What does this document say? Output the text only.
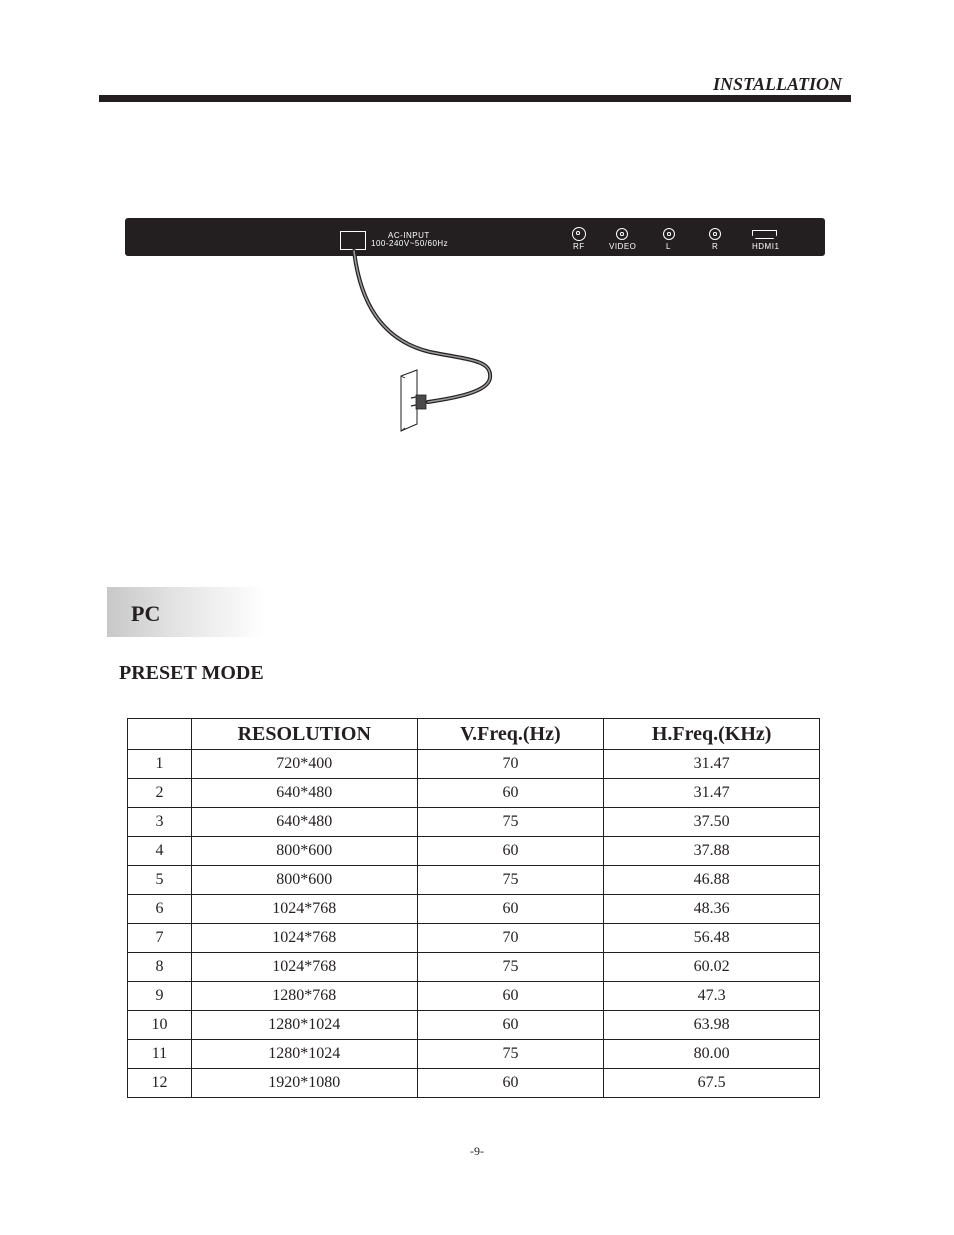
INSTALLATION
AC-INPUT
100-240V~50/60Hz	RF	VIDEO	L	R	HDMI1
PC
PRESET MODE
	RESOLUTION	V.Freq.(Hz)	H.Freq.(KHz)
1	720*400	70	31.47
2	640*480	60	31.47
3	640*480	75	37.50
4	800*600	60	37.88
5	800*600	75	46.88
6	1024*768	60	48.36
7	1024*768	70	56.48
8	1024*768	75	60.02
9	1280*768	60	47.3
10	1280*1024	60	63.98
11	1280*1024	75	80.00
12	1920*1080	60	67.5
-9-
